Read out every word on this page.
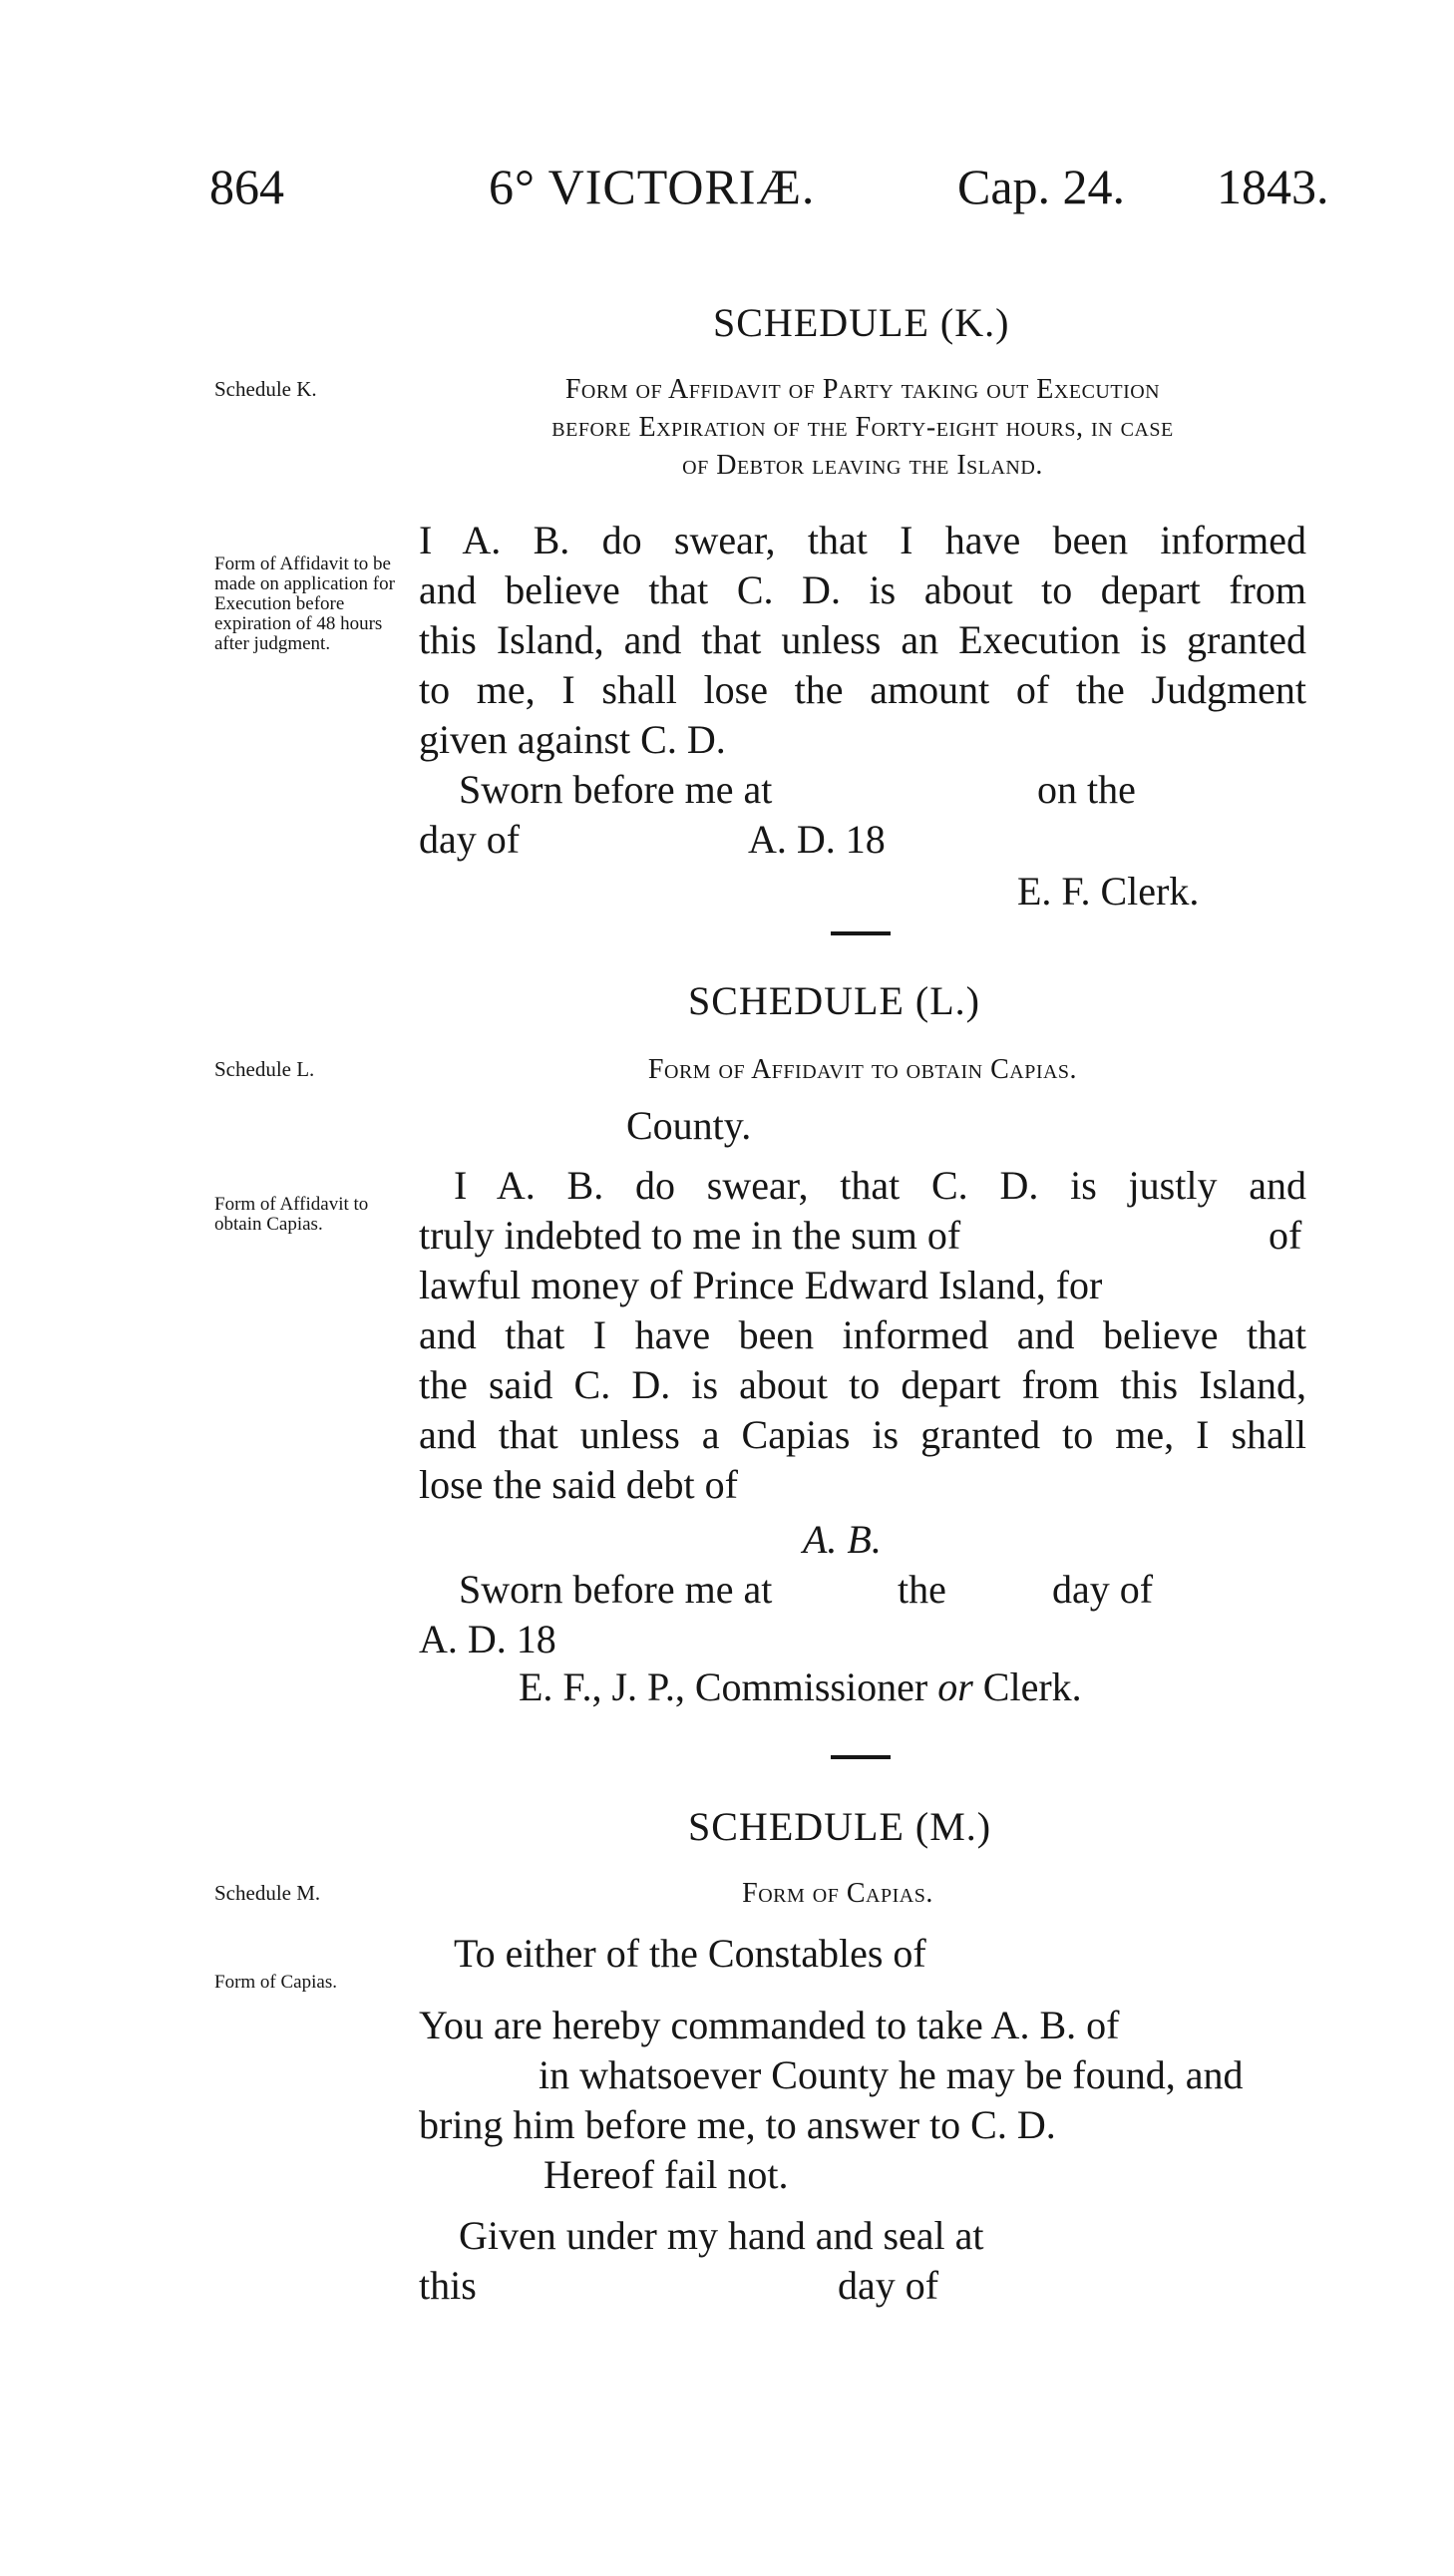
864	6° VICTORIÆ.	Cap. 24. 1843.
SCHEDULE (K.)
Schedule K.	Form of Affidavit of Party taking out Execution
before Expiration of the Forty-eight hours, in case
of Debtor leaving the Island.
Form of Affidavit to be made on application for Execution before expiration of 48 hours after judgment.
I A. B. do swear, that I have been informed
and believe that C. D. is about to depart from
this Island, and that unless an Execution is granted
to me, I shall lose the amount of the Judgment
given against C. D.
Sworn before me at	on the
day of	A. D. 18
E. F. Clerk.
SCHEDULE (L.)
Schedule L.	Form of Affidavit to obtain Capias.
County.
Form of Affidavit to obtain Capias.
I A. B. do swear, that C. D. is justly and
truly indebted to me in the sum of	of
lawful money of Prince Edward Island, for
and that I have been informed and believe that
the said C. D. is about to depart from this Island,
and that unless a Capias is granted to me, I shall
lose the said debt of
A. B.
Sworn before me at	the	day of
A. D. 18
E. F., J. P., Commissioner or Clerk.
SCHEDULE (M.)
Schedule M.	Form of Capias.
Form of Capias.
To either of the Constables of
You are hereby commanded to take A. B. of
in whatsoever County he may be found, and
bring him before me, to answer to C. D.
Hereof fail not.
Given under my hand and seal at
this	day of
